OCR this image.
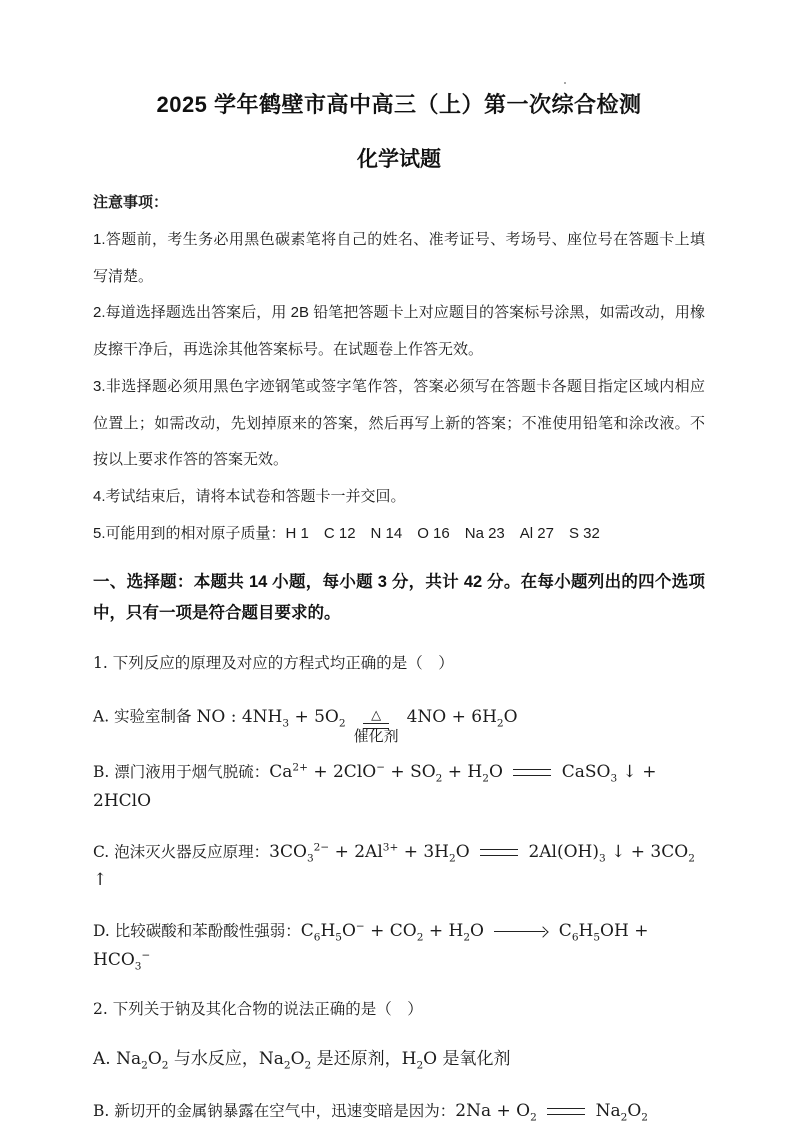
2025 学年鹤壁市高中高三（上）第一次综合检测
化学试题

注意事项：

1.答题前，考生务必用黑色碳素笔将自己的姓名、准考证号、考场号、座位号在答题卡上填写清楚。

2.每道选择题选出答案后，用 2B 铅笔把答题卡上对应题目的答案标号涂黑，如需改动，用橡皮擦干净后，再选涂其他答案标号。在试题卷上作答无效。

3.非选择题必须用黑色字迹钢笔或签字笔作答，答案必须写在答题卡各题目指定区域内相应位置上；如需改动，先划掉原来的答案，然后再写上新的答案；不准使用铅笔和涂改液。不按以上要求作答的答案无效。

4.考试结束后，请将本试卷和答题卡一并交回。

5.可能用到的相对原子质量：H 1　C 12　N 14　O 16　Na 23　Al 27　S 32

一、选择题：本题共 14 小题，每小题 3 分，共计 42 分。在每小题列出的四个选项中，只有一项是符合题目要求的。

1. 下列反应的原理及对应的方程式均正确的是（　）

A. 实验室制备 NO : $4NH_3 + 5O_2$
△
催化剂
$4NO + 6H_2O$

B. 漂门液用于烟气脱硫：$Ca^{2+} + 2ClO^- + SO_2 + H_2O$	CaSO$_3$ ↓ + 2HClO

C. 泡沫灭火器反应原理：$3CO_3^{2-} + 2Al^{3+} + 3H_2O$	$2Al(OH)_3$ ↓ + $3CO_2$ ↑

D. 比较碳酸和苯酚酸性强弱：$C_6H_5O^- + CO_2 + H_2O$	$C_6H_5OH + HCO_3^-$

2. 下列关于钠及其化合物的说法正确的是（　）

A. $Na_2O_2$ 与水反应，$Na_2O_2$ 是还原剂，$H_2O$ 是氧化剂

B. 新切开的金属钠暴露在空气中，迅速变暗是因为：$2Na + O_2$	$Na_2O_2$
